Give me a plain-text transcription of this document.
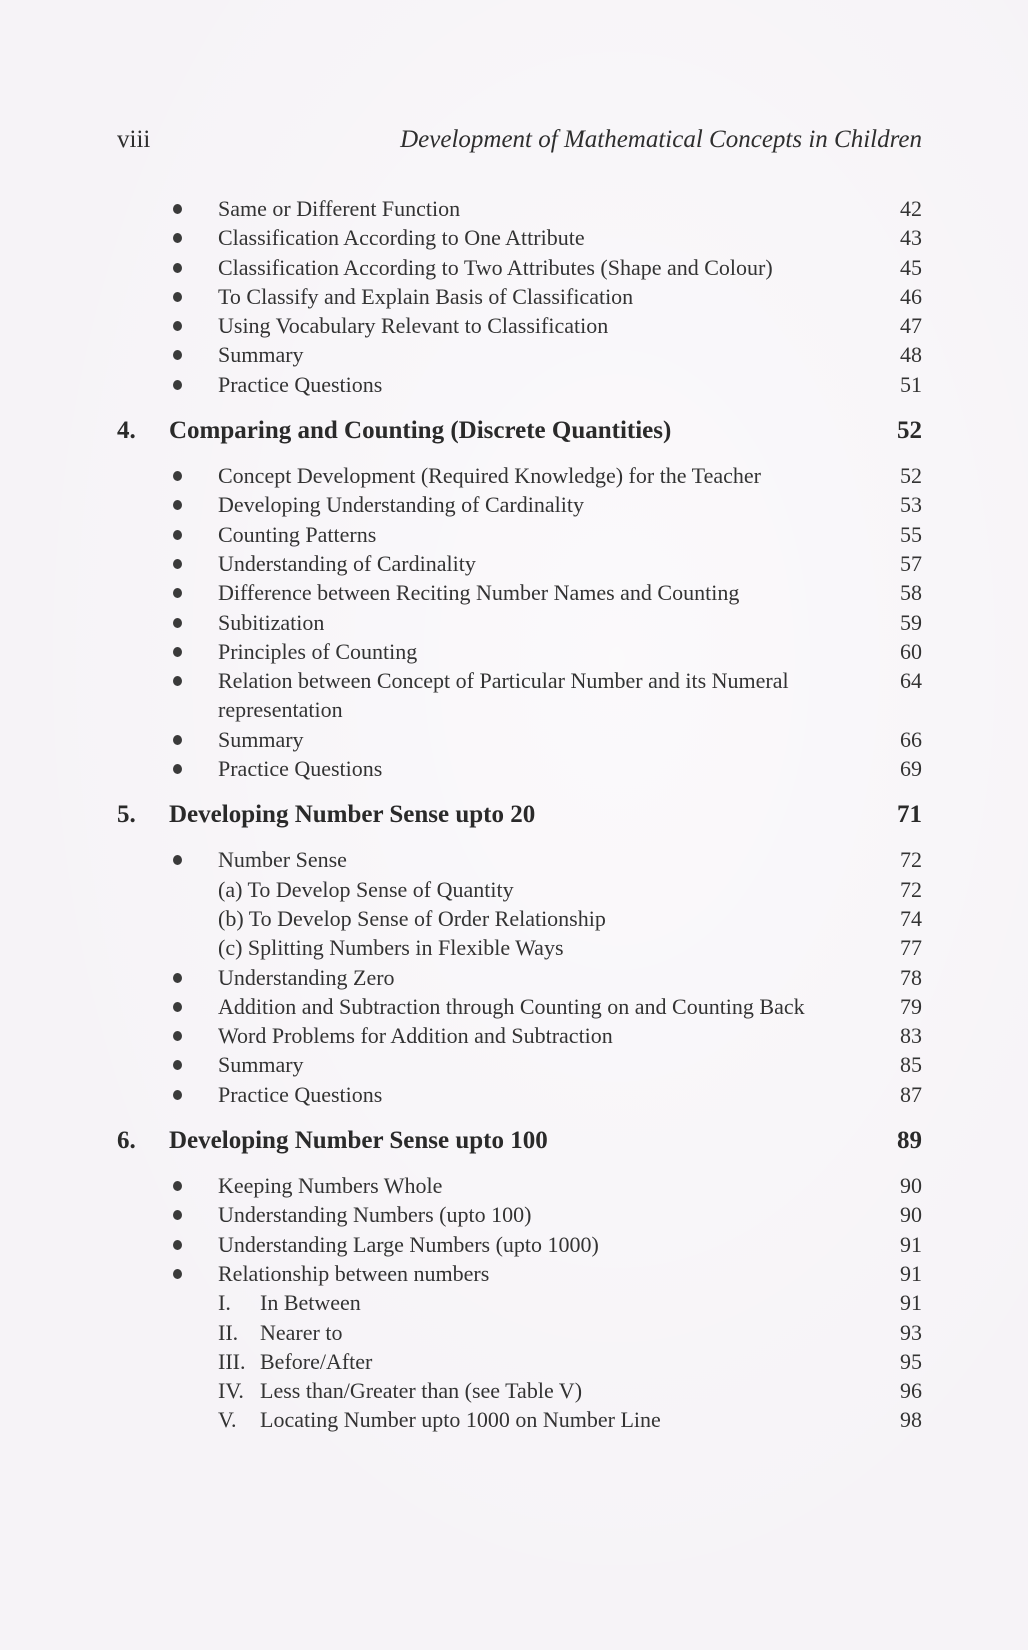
viii	Development of Mathematical Concepts in Children
Same or Different Function	42
Classification According to One Attribute	43
Classification According to Two Attributes (Shape and Colour)	45
To Classify and Explain Basis of Classification	46
Using Vocabulary Relevant to Classification	47
Summary	48
Practice Questions	51
4. Comparing and Counting (Discrete Quantities)	52
Concept Development (Required Knowledge) for the Teacher	52
Developing Understanding of Cardinality	53
Counting Patterns	55
Understanding of Cardinality	57
Difference between Reciting Number Names and Counting	58
Subitization	59
Principles of Counting	60
Relation between Concept of Particular Number and its Numeral	64
representation
Summary	66
Practice Questions	69
5. Developing Number Sense upto 20	71
Number Sense	72
(a) To Develop Sense of Quantity	72
(b) To Develop Sense of Order Relationship	74
(c) Splitting Numbers in Flexible Ways	77
Understanding Zero	78
Addition and Subtraction through Counting on and Counting Back	79
Word Problems for Addition and Subtraction	83
Summary	85
Practice Questions	87
6. Developing Number Sense upto 100	89
Keeping Numbers Whole	90
Understanding Numbers (upto 100)	90
Understanding Large Numbers (upto 1000)	91
Relationship between numbers	91
I. In Between	91
II. Nearer to	93
III. Before/After	95
IV. Less than/Greater than (see Table V)	96
V. Locating Number upto 1000 on Number Line	98
